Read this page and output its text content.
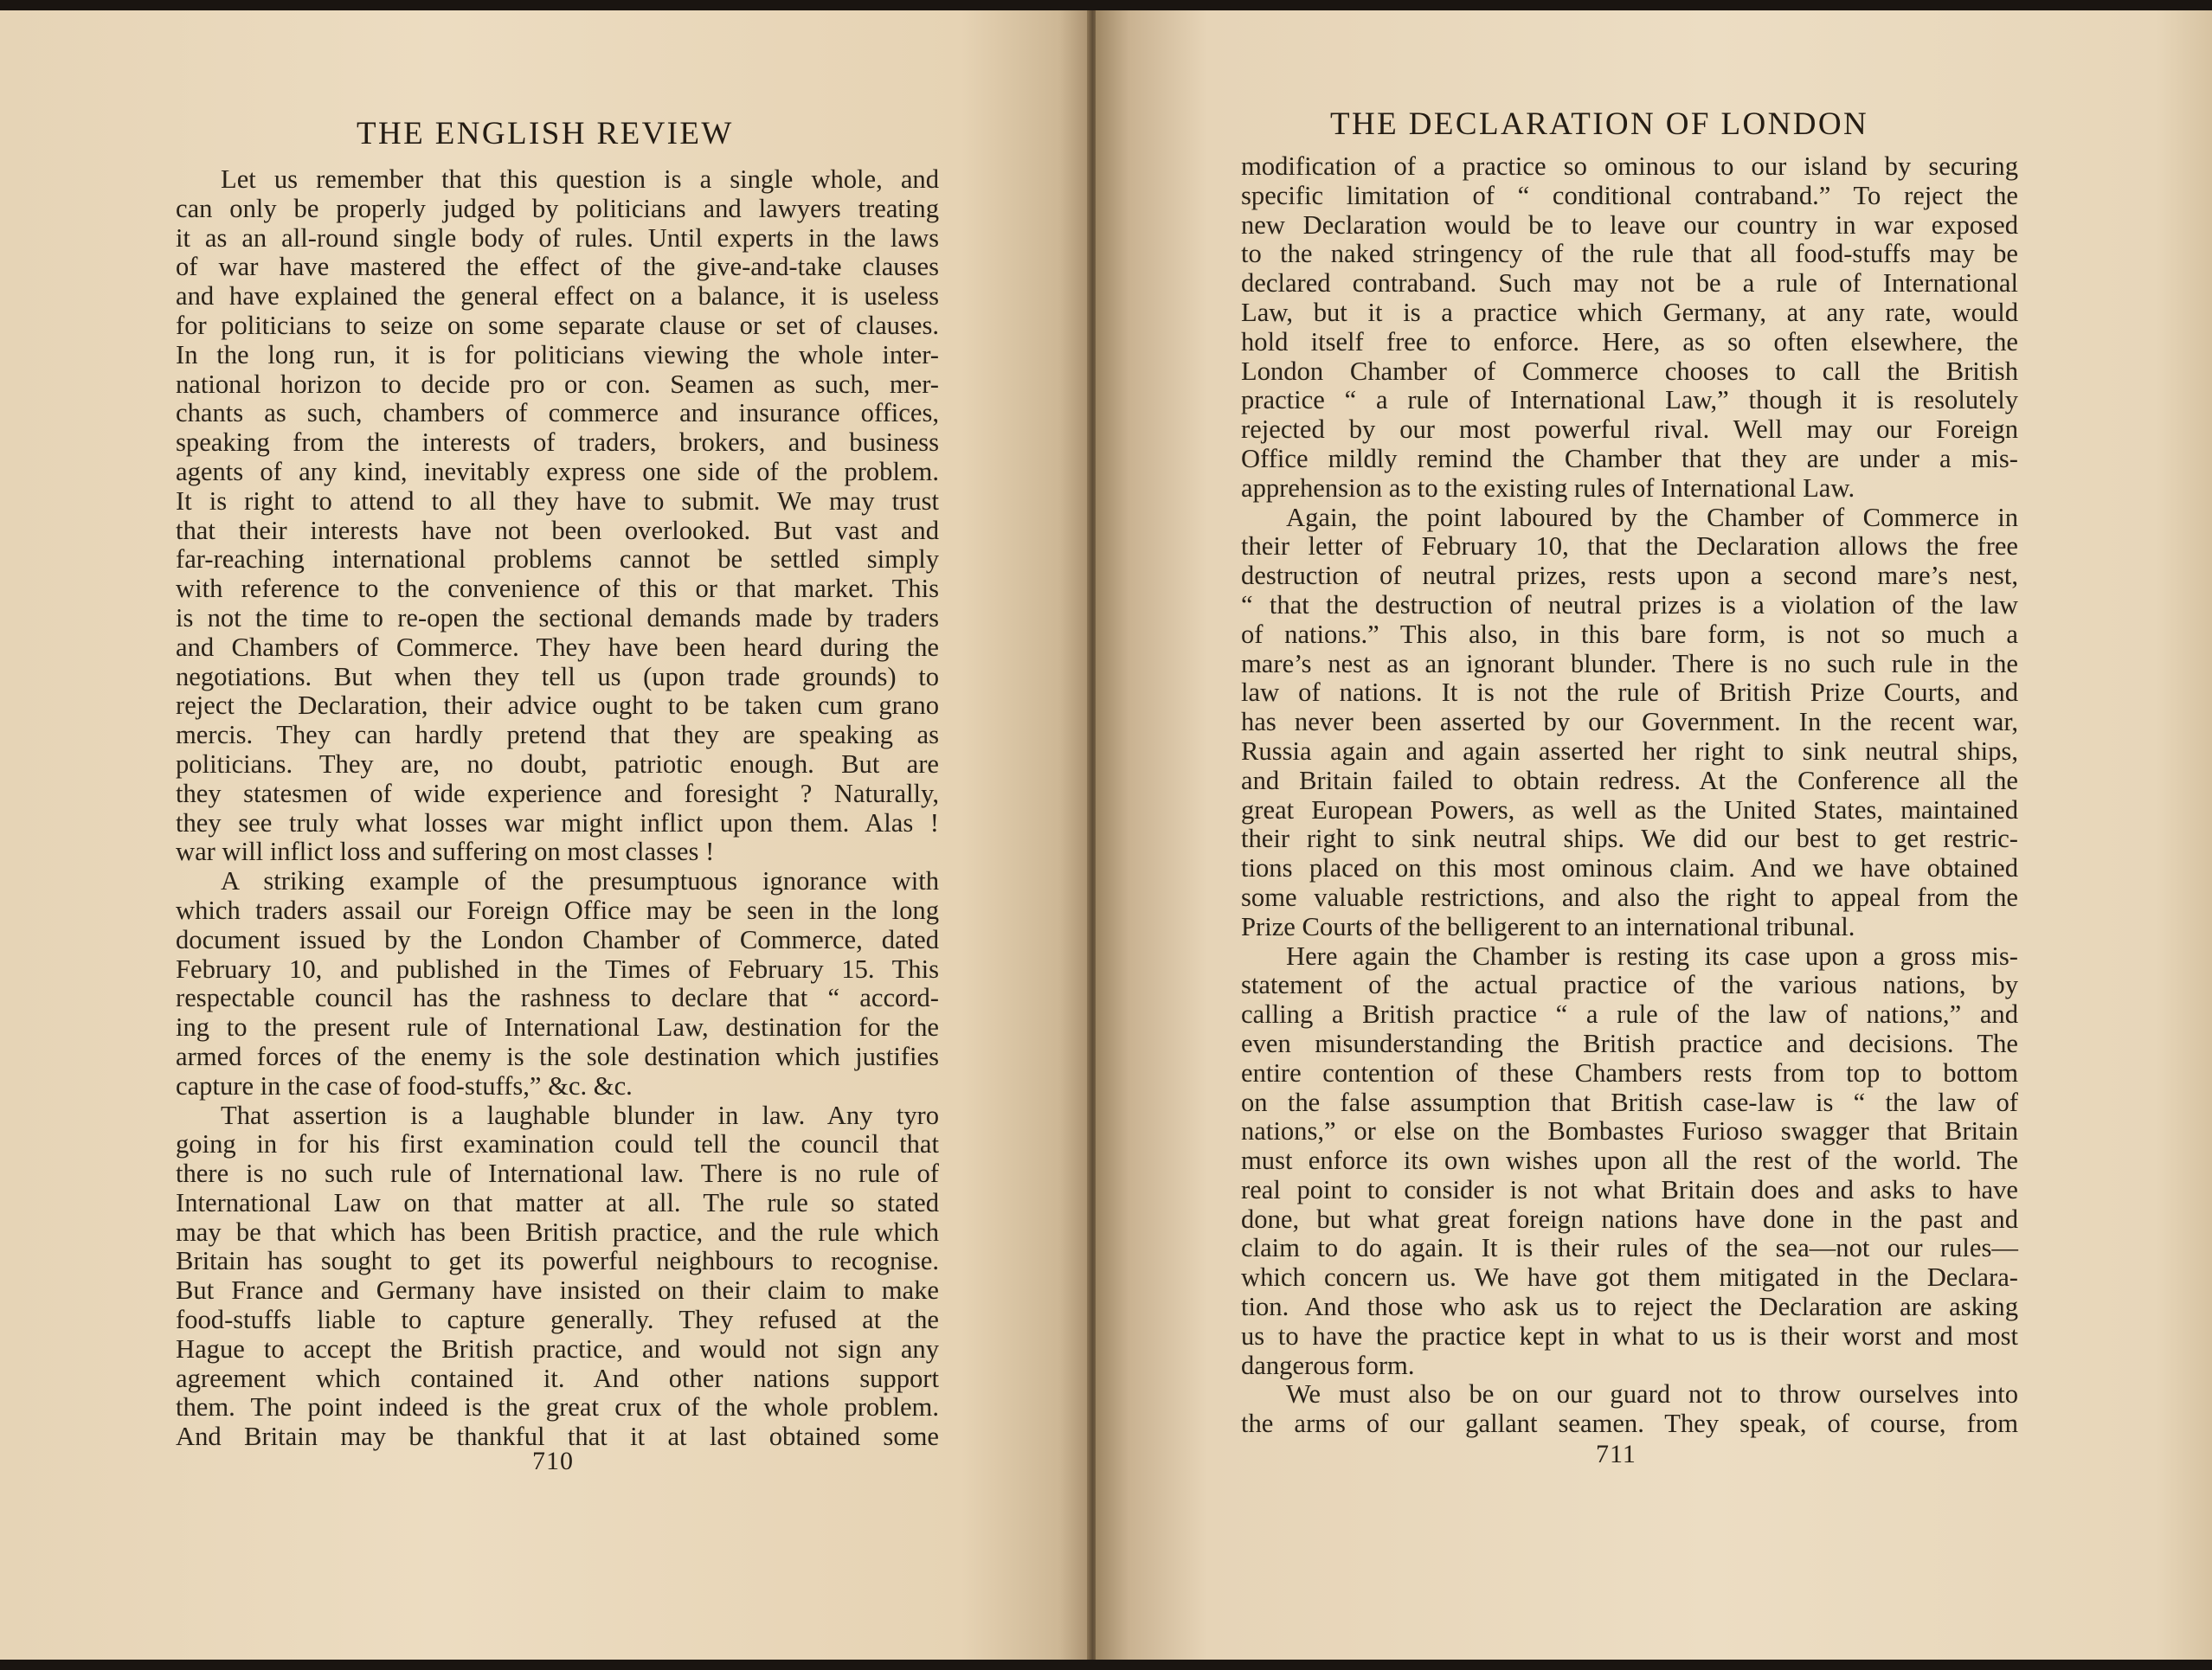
THE ENGLISH REVIEW
Let us remember that this question is a single whole, and
can only be properly judged by politicians and lawyers treating
it as an all-round single body of rules. Until experts in the laws
of war have mastered the effect of the give-and-take clauses
and have explained the general effect on a balance, it is useless
for politicians to seize on some separate clause or set of clauses.
In the long run, it is for politicians viewing the whole inter-
national horizon to decide pro or con. Seamen as such, mer-
chants as such, chambers of commerce and insurance offices,
speaking from the interests of traders, brokers, and business
agents of any kind, inevitably express one side of the problem.
It is right to attend to all they have to submit. We may trust
that their interests have not been overlooked. But vast and
far-reaching international problems cannot be settled simply
with reference to the convenience of this or that market. This
is not the time to re-open the sectional demands made by traders
and Chambers of Commerce. They have been heard during the
negotiations. But when they tell us (upon trade grounds) to
reject the Declaration, their advice ought to be taken cum grano
mercis. They can hardly pretend that they are speaking as
politicians. They are, no doubt, patriotic enough. But are
they statesmen of wide experience and foresight ? Naturally,
they see truly what losses war might inflict upon them. Alas !
war will inflict loss and suffering on most classes !
A striking example of the presumptuous ignorance with
which traders assail our Foreign Office may be seen in the long
document issued by the London Chamber of Commerce, dated
February 10, and published in the Times of February 15. This
respectable council has the rashness to declare that “ accord-
ing to the present rule of International Law, destination for the
armed forces of the enemy is the sole destination which justifies
capture in the case of food-stuffs,” &c. &c.
That assertion is a laughable blunder in law. Any tyro
going in for his first examination could tell the council that
there is no such rule of International law. There is no rule of
International Law on that matter at all. The rule so stated
may be that which has been British practice, and the rule which
Britain has sought to get its powerful neighbours to recognise.
But France and Germany have insisted on their claim to make
food-stuffs liable to capture generally. They refused at the
Hague to accept the British practice, and would not sign any
agreement which contained it. And other nations support
them. The point indeed is the great crux of the whole problem.
And Britain may be thankful that it at last obtained some
710
THE DECLARATION OF LONDON
modification of a practice so ominous to our island by securing
specific limitation of “ conditional contraband.” To reject the
new Declaration would be to leave our country in war exposed
to the naked stringency of the rule that all food-stuffs may be
declared contraband. Such may not be a rule of International
Law, but it is a practice which Germany, at any rate, would
hold itself free to enforce. Here, as so often elsewhere, the
London Chamber of Commerce chooses to call the British
practice “ a rule of International Law,” though it is resolutely
rejected by our most powerful rival. Well may our Foreign
Office mildly remind the Chamber that they are under a mis-
apprehension as to the existing rules of International Law.
Again, the point laboured by the Chamber of Commerce in
their letter of February 10, that the Declaration allows the free
destruction of neutral prizes, rests upon a second mare’s nest,
“ that the destruction of neutral prizes is a violation of the law
of nations.” This also, in this bare form, is not so much a
mare’s nest as an ignorant blunder. There is no such rule in the
law of nations. It is not the rule of British Prize Courts, and
has never been asserted by our Government. In the recent war,
Russia again and again asserted her right to sink neutral ships,
and Britain failed to obtain redress. At the Conference all the
great European Powers, as well as the United States, maintained
their right to sink neutral ships. We did our best to get restric-
tions placed on this most ominous claim. And we have obtained
some valuable restrictions, and also the right to appeal from the
Prize Courts of the belligerent to an international tribunal.
Here again the Chamber is resting its case upon a gross mis-
statement of the actual practice of the various nations, by
calling a British practice “ a rule of the law of nations,” and
even misunderstanding the British practice and decisions. The
entire contention of these Chambers rests from top to bottom
on the false assumption that British case-law is “ the law of
nations,” or else on the Bombastes Furioso swagger that Britain
must enforce its own wishes upon all the rest of the world. The
real point to consider is not what Britain does and asks to have
done, but what great foreign nations have done in the past and
claim to do again. It is their rules of the sea—not our rules—
which concern us. We have got them mitigated in the Declara-
tion. And those who ask us to reject the Declaration are asking
us to have the practice kept in what to us is their worst and most
dangerous form.
We must also be on our guard not to throw ourselves into
the arms of our gallant seamen. They speak, of course, from
711
